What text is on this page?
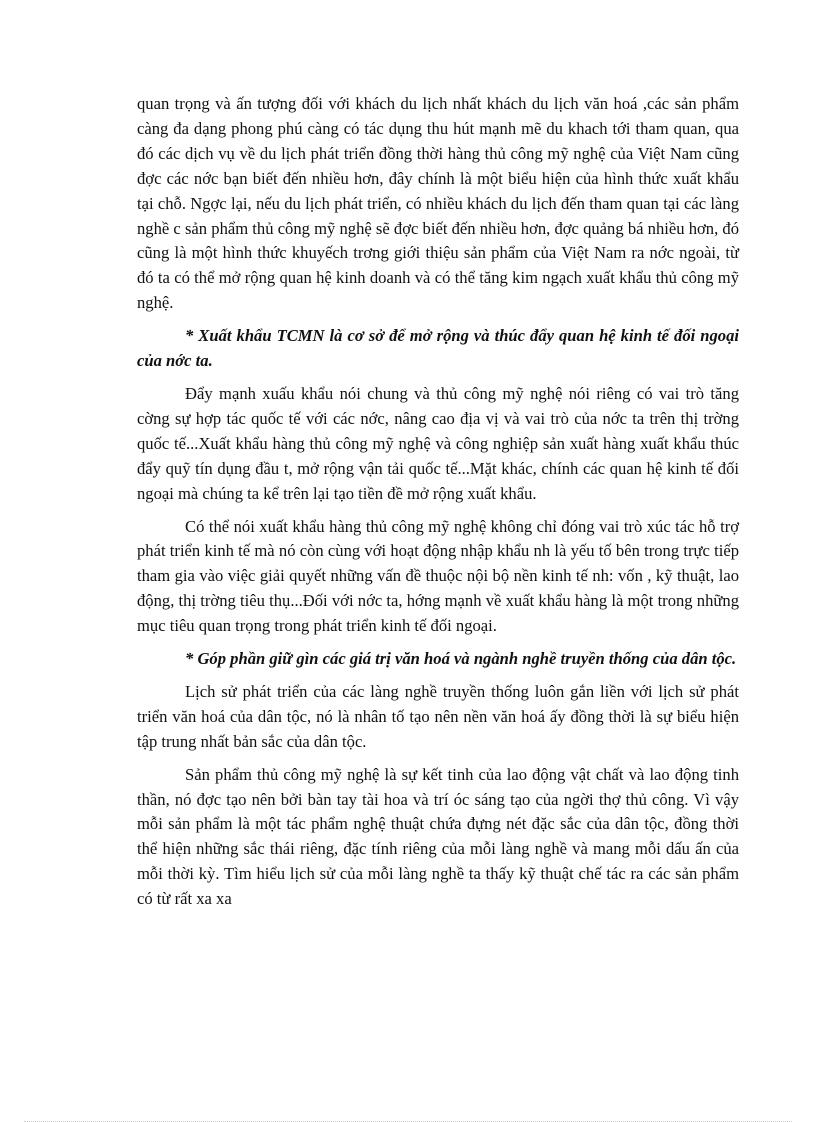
quan trọng và ấn tượng đối với khách du lịch nhất khách du lịch văn hoá ,các sản phẩm càng đa dạng phong phú càng có tác dụng thu hút mạnh mẽ du khach tới tham quan, qua đó các dịch vụ về du lịch phát triển đồng thời hàng thủ công mỹ nghệ của Việt Nam cũng đợc các nớc bạn biết đến nhiều hơn, đây chính là một biểu hiện của hình thức xuất khẩu tại chỗ. Ngợc lại, nếu du lịch phát triển, có nhiều khách du lịch đến tham quan tại các làng nghề c sản phẩm thủ công mỹ nghệ sẽ đợc biết đến nhiều hơn, đợc quảng bá nhiều hơn, đó cũng là một hình thức khuyếch trơng giới thiệu sản phẩm của Việt Nam ra nớc ngoài, từ đó ta có thể mở rộng quan hệ kinh doanh và có thể tăng kim ngạch xuất khẩu thủ công mỹ nghệ.

* Xuất khẩu TCMN là cơ sở để mở rộng và thúc đẩy quan hệ kinh tế đối ngoại của nớc ta.

Đẩy mạnh xuấu khẩu nói chung và thủ công mỹ nghệ nói riêng có vai trò tăng cờng sự hợp tác quốc tế với các nớc, nâng cao địa vị và vai trò của nớc ta trên thị trờng quốc tế...Xuất khẩu hàng thủ công mỹ nghệ và công nghiệp sản xuất hàng xuất khẩu thúc đẩy quỹ tín dụng đầu t, mở rộng vận tải quốc tế...Mặt khác, chính các quan hệ kinh tế đối ngoại mà chúng ta kể trên lại tạo tiền đề mở rộng xuất khẩu.

Có thể nói xuất khẩu hàng thủ công mỹ nghệ không chỉ đóng vai trò xúc tác hỗ trợ phát triển kinh tế mà nó còn cùng với hoạt động nhập khẩu nh là yếu tố bên trong trực tiếp tham gia vào việc giải quyết những vấn đề thuộc nội bộ nền kinh tế nh: vốn , kỹ thuật, lao động, thị trờng tiêu thụ...Đối với nớc ta, hớng mạnh về xuất khẩu hàng là một trong những mục tiêu quan trọng trong phát triển kinh tế đối ngoại.

* Góp phần giữ gìn các giá trị văn hoá và ngành nghề truyền thống của dân tộc.

Lịch sử phát triển của các làng nghề truyền thống luôn gắn liền với lịch sử phát triển văn hoá của dân tộc, nó là nhân tố tạo nên nền văn hoá ấy đồng thời là sự biểu hiện tập trung nhất bản sắc của dân tộc.

Sản phẩm thủ công mỹ nghệ là sự kết tinh của lao động vật chất và lao động tinh thần, nó đợc tạo nên bởi bàn tay tài hoa và trí óc sáng tạo của ngời thợ thủ công. Vì vậy mỗi sản phẩm là một tác phẩm nghệ thuật chứa đựng nét đặc sắc của dân tộc, đồng thời thể hiện những sắc thái riêng, đặc tính riêng của mỗi làng nghề và mang mỗi dấu ấn của mỗi thời kỳ. Tìm hiểu lịch sử của mỗi làng nghề ta thấy kỹ thuật chế tác ra các sản phẩm có từ rất xa xa
